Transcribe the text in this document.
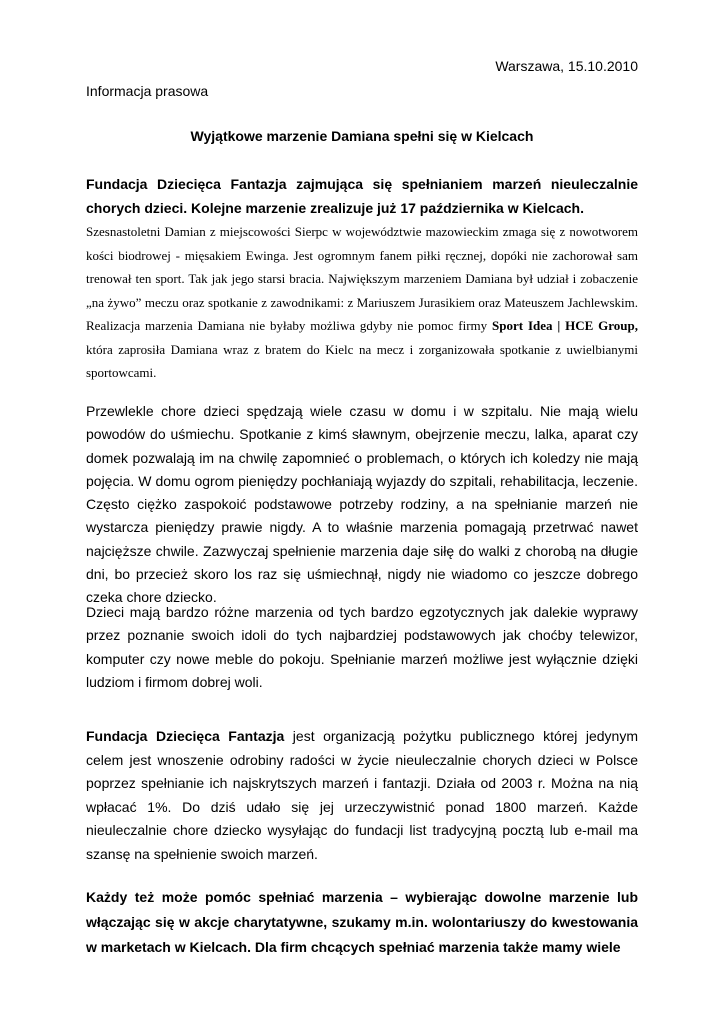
Warszawa, 15.10.2010
Informacja prasowa
Wyjątkowe marzenie Damiana spełni się w Kielcach

Fundacja Dziecięca Fantazja zajmująca się spełnianiem marzeń nieuleczalnie chorych dzieci. Kolejne marzenie zrealizuje już 17 października w Kielcach.

Szesnastoletni Damian z miejscowości Sierpc w województwie mazowieckim zmaga się z nowotworem kości biodrowej - mięsakiem Ewinga. Jest ogromnym fanem piłki ręcznej, dopóki nie zachorował sam trenował ten sport. Tak jak jego starsi bracia. Największym marzeniem Damiana był udział i zobaczenie „na żywo” meczu oraz spotkanie z zawodnikami: z Mariuszem Jurasikiem oraz Mateuszem Jachlewskim. Realizacja marzenia Damiana nie byłaby możliwa gdyby nie pomoc firmy Sport Idea | HCE Group, która zaprosiła Damiana wraz z bratem do Kielc na mecz i zorganizowała spotkanie z uwielbianymi sportowcami.

Przewlekle chore dzieci spędzają wiele czasu w domu i w szpitalu. Nie mają wielu powodów do uśmiechu. Spotkanie z kimś sławnym, obejrzenie meczu, lalka, aparat czy domek pozwalają im na chwilę zapomnieć o problemach, o których ich koledzy nie mają pojęcia. W domu ogrom pieniędzy pochłaniają wyjazdy do szpitali, rehabilitacja, leczenie. Często ciężko zaspokoić podstawowe potrzeby rodziny, a na spełnianie marzeń nie wystarcza pieniędzy prawie nigdy. A to właśnie marzenia pomagają przetrwać nawet najcięższe chwile. Zazwyczaj spełnienie marzenia daje siłę do walki z chorobą na długie dni, bo przecież skoro los raz się uśmiechnął, nigdy nie wiadomo co jeszcze dobrego czeka chore dziecko.

Dzieci mają bardzo różne marzenia od tych bardzo egzotycznych jak dalekie wyprawy przez poznanie swoich idoli do tych najbardziej podstawowych jak choćby telewizor, komputer czy nowe meble do pokoju. Spełnianie marzeń możliwe jest wyłącznie dzięki ludziom i firmom dobrej woli.

Fundacja Dziecięca Fantazja jest organizacją pożytku publicznego której jedynym celem jest wnoszenie odrobiny radości w życie nieuleczalnie chorych dzieci w Polsce poprzez spełnianie ich najskrytszych marzeń i fantazji. Działa od 2003 r. Można na nią wpłacać 1%. Do dziś udało się jej urzeczywistnić ponad 1800 marzeń. Każde nieuleczalnie chore dziecko wysyłając do fundacji list tradycyjną pocztą lub e-mail ma szansę na spełnienie swoich marzeń.

Każdy też może pomóc spełniać marzenia – wybierając dowolne marzenie lub włączając się w akcje charytatywne, szukamy m.in. wolontariuszy do kwestowania w marketach w Kielcach. Dla firm chcących spełniać marzenia także mamy wiele
